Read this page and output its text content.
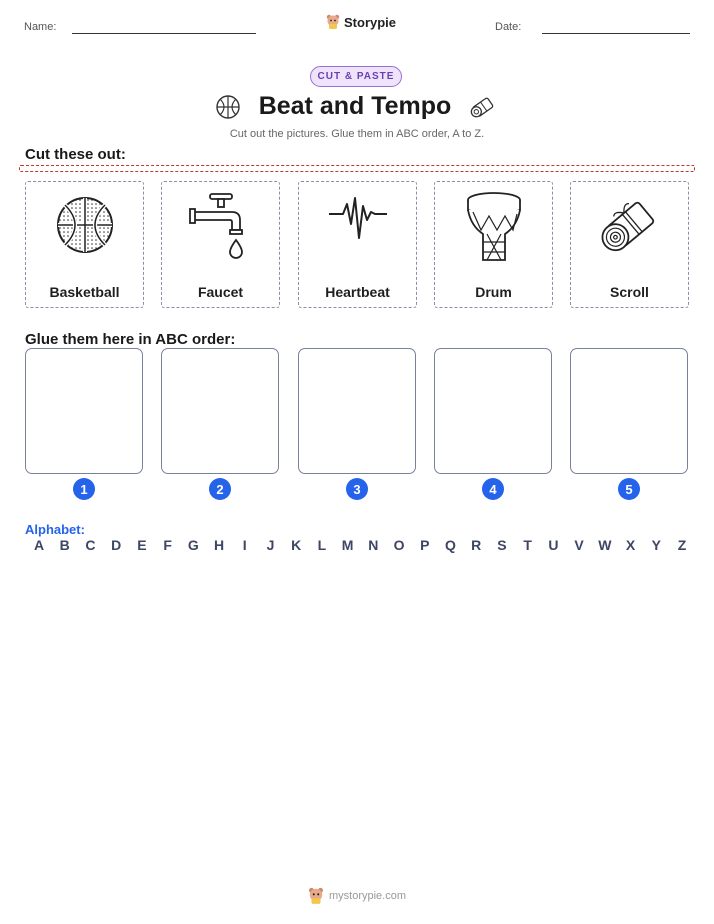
Name:	Storypie	Date:
CUT & PASTE
Beat and Tempo
Cut out the pictures. Glue them in ABC order, A to Z.
Cut these out:
Basketball	Faucet	Heartbeat	Drum	Scroll
Glue them here in ABC order:
1	2	3	4	5
Alphabet:
A B C D E F G H	I	J K L M N O P Q R S T U V W X Y Z
mystorypie.com
